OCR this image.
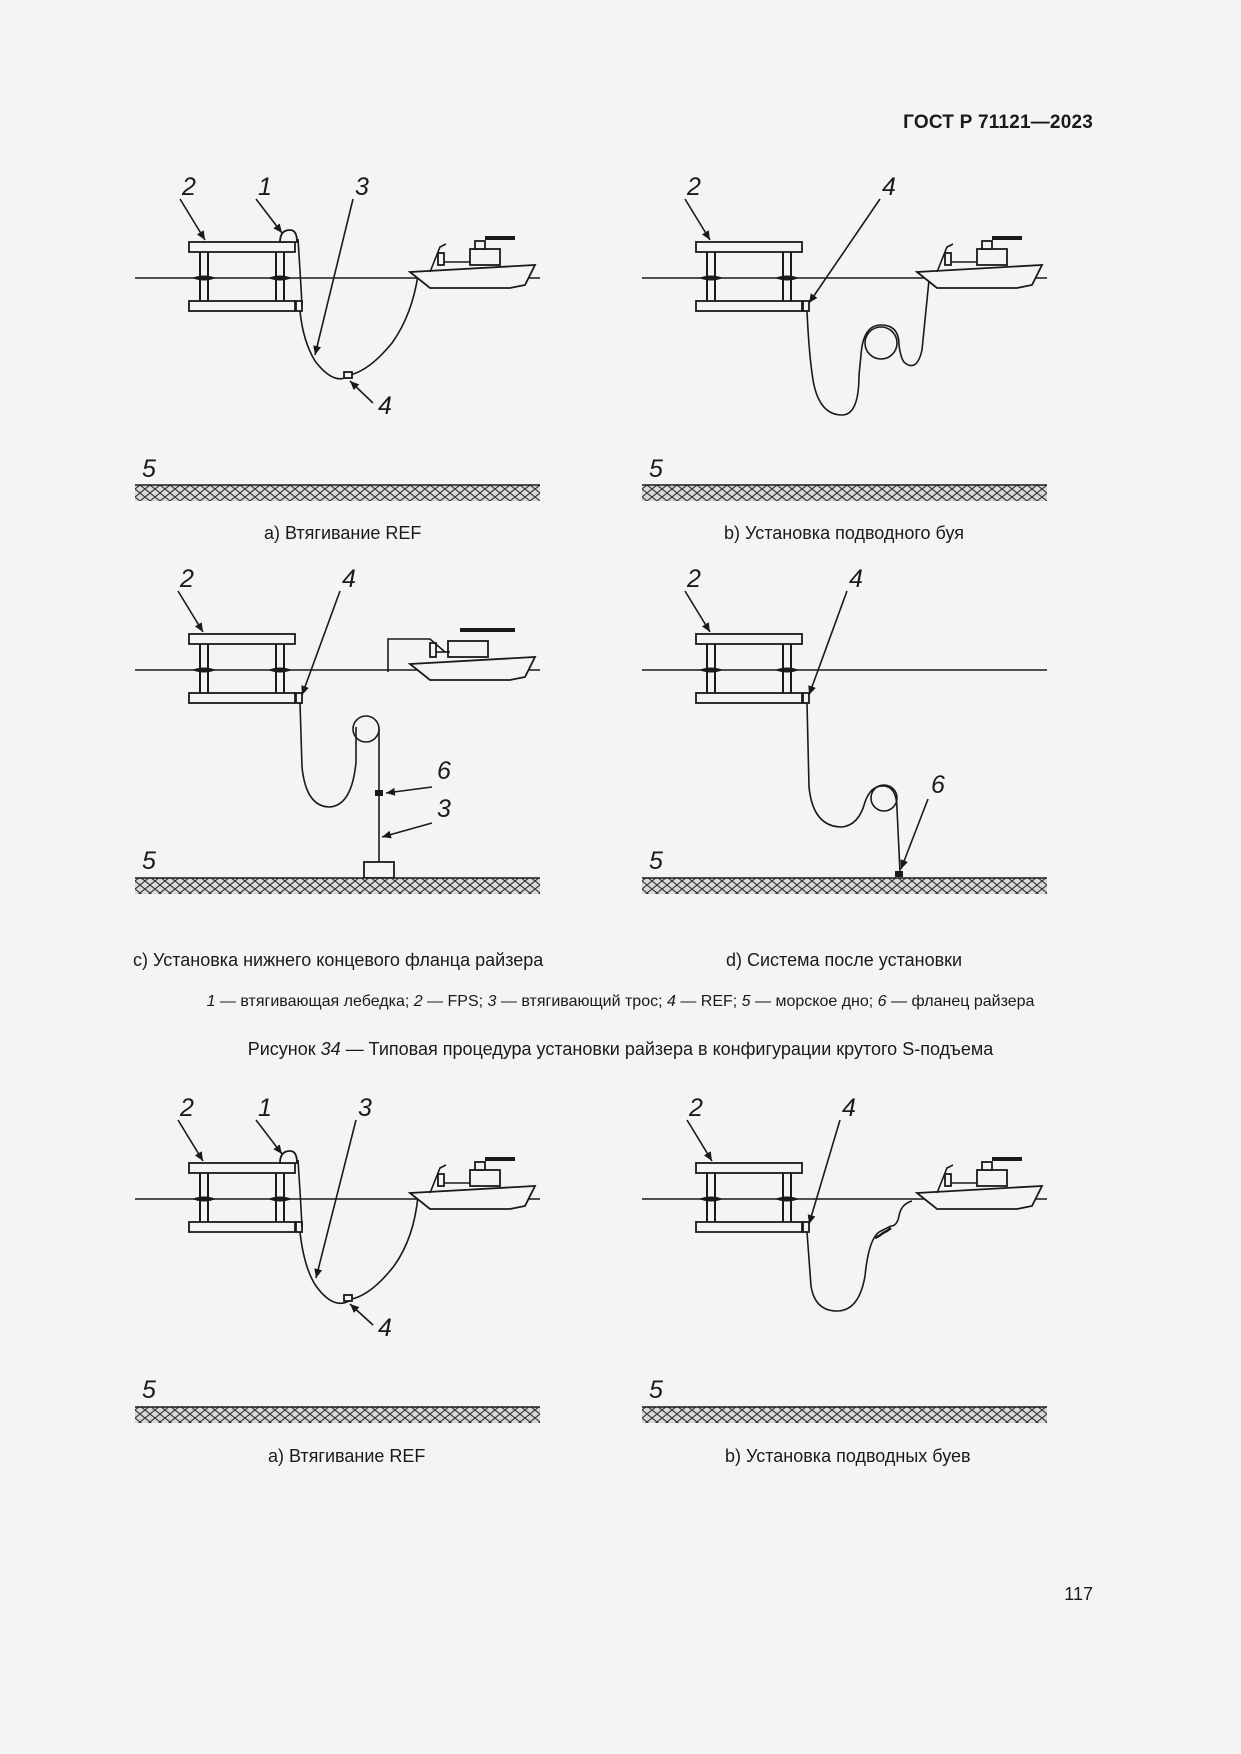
ГОСТ Р 71121—2023
2 1	3
4
5
a) Втягивание REF
2	4
5
b) Установка подводного буя
2	4
6
3
5
c) Установка нижнего концевого фланца райзера
2	4
6
5
d) Система после установки
1 — втягивающая лебедка; 2 — FPS; 3 — втягивающий трос; 4 — REF; 5 — морское дно; 6 — фланец райзера
Рисунок 34 — Типовая процедура установки райзера в конфигурации крутого S-подъема
2	1	3
4
5
a) Втягивание REF
2	4
5
b) Установка подводных буев
117
